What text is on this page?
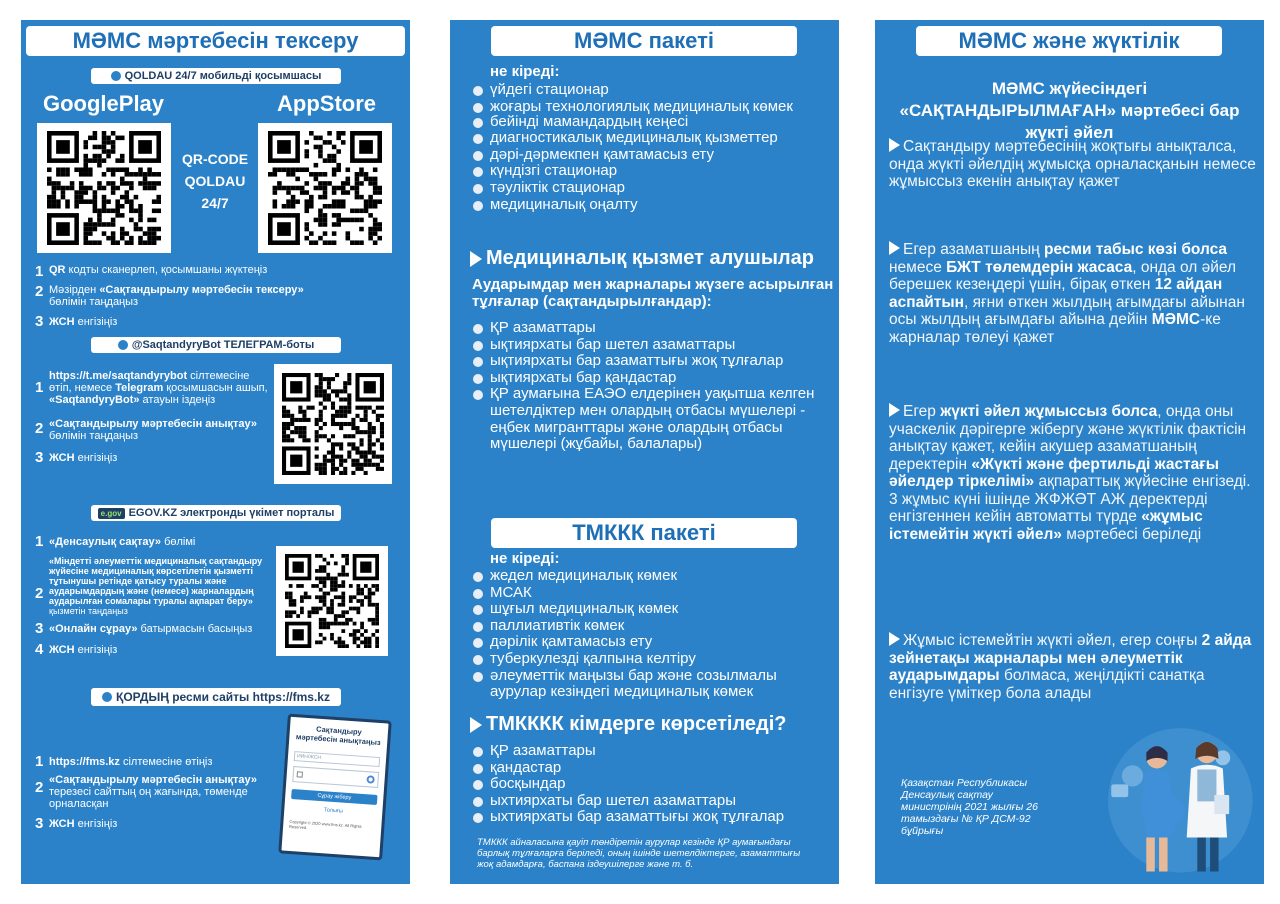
МӘМС мәртебесін тексеру
QOLDAU 24/7 мобильді қосымшасы
GooglePlay	AppStore
QR-CODE
QOLDAU
24/7
1 QR кодты сканерлеп, қосымшаны жүктеңіз
2 Мәзірден «Сақтандырылу мәртебесін тексеру» бөлімін таңдаңыз
3 ЖСН енгізіңіз
@SaqtandyryBot ТЕЛЕГРАМ-боты
1
https://t.me/saqtandyrybot сілтемесіне өтіп, немесе Telegram қосымшасын ашып, «SaqtandyryBot» атауын іздеңіз
2 «Сақтандырылу мәртебесін анықтау» бөлімін таңдаңыз
3 ЖСН енгізіңіз
e.gov EGOV.KZ электронды үкімет порталы
1 «Денсаулық сақтау» бөлімі
2
«Міндетті әлеуметтік медициналық сақтандыру жүйесіне медициналық көрсетілетін қызметті тұтынушы ретінде қатысу туралы және аударымдардың және (немесе) жарналардың аударылған сомалары туралы ақпарат беру» қызметін таңдаңыз
3 «Онлайн сұрау» батырмасын басыңыз
4 ЖСН енгізіңіз
ҚОРДЫҢ ресми сайты https://fms.kz
1 https://fms.kz сілтемесіне өтіңіз
2 «Сақтандырылу мәртебесін анықтау» терезесі сайттың оң жағында, төменде орналасқан
3 ЖСН енгізіңіз
Сақтандыру мәртебесін анықтаңыз
ИИН/ЖСН
Сұрау жіберу
Толығы
Copyright © 2020 www.fms.kz. All Rights Reserved.
МӘМС пакеті
не кіреді:
үйдегі стационар
жоғары технологиялық медициналық көмек
бейінді мамандардың кеңесі
диагностикалық медициналық қызметтер
дәрі-дәрмекпен қамтамасыз ету
күндізгі стационар
тәуліктік стационар
медициналық оңалту
Медициналық қызмет алушылар
Аударымдар мен жарналары жүзеге асырылған тұлғалар (сақтандырылғандар):
ҚР азаматтары
ықтиярхаты бар шетел азаматтары
ықтиярхаты бар азаматтығы жоқ тұлғалар
ықтиярхаты бар қандастар
ҚР аумағына ЕАЭО елдерінен уақытша келген шетелдіктер мен олардың отбасы мүшелері - еңбек мигранттары және олардың отбасы мүшелері (жұбайы, балалары)
ТМККК пакеті
не кіреді:
жедел медициналық көмек
МСАК
шұғыл медициналық көмек
паллиативтік көмек
дәрілік қамтамасыз ету
туберкулезді қалпына келтіру
әлеуметтік маңызы бар және созылмалы аурулар кезіндегі медициналық көмек
ТМКККК кімдерге көрсетіледі?
ҚР азаматтары
қандастар
босқындар
ыхтиярхаты бар шетел азаматтары
ыхтиярхаты бар азаматтығы жоқ тұлғалар
ТМККК айналасына қауіп төндіретін аурулар кезінде ҚР аумағындағы барлық тұлғаларға беріледі, оның ішінде шетелдіктерге, азаматтығы жоқ адамдарға, баспана іздеушілерге және т. б.
МӘМС және жүктілік
МӘМС жүйесіндегі «САҚТАНДЫРЫЛМАҒАН» мәртебесі бар жүкті әйел
Сақтандыру мәртебесінің жоқтығы анықталса, онда жүкті әйелдің жұмысқа орналасқанын немесе жұмыссыз екенін анықтау қажет
Егер азаматшаның ресми табыс көзі болса немесе БЖТ төлемдерін жасаса, онда ол әйел берешек кезеңдері үшін, бірақ өткен 12 айдан аспайтын, яғни өткен жылдың ағымдағы айынан осы жылдың ағымдағы айына дейін МӘМС-ке жарналар төлеуі қажет
Егер жүкті әйел жұмыссыз болса, онда оны учаскелік дәрігерге жібергу және жүктілік фактісін анықтау қажет, кейін акушер азаматшаның деректерін «Жүкті және фертильді жастағы әйелдер тіркелімі» ақпараттық жүйесіне енгізеді. 3 жұмыс күні ішінде ЖФЖӘТ АЖ деректерді енгізгеннен кейін автоматты түрде «жұмыс істемейтін жүкті әйел» мәртебесі беріледі
Жұмыс істемейтін жүкті әйел, егер соңғы 2 айда зейнетақы жарналары мен әлеуметтік аударымдары болмаса, жеңілдікті санатқа енгізуге үміткер бола алады
Қазақстан Республикасы Денсаулық сақтау министрінің 2021 жылғы 26 тамыздағы № ҚР ДСМ-92 бұйрығы
